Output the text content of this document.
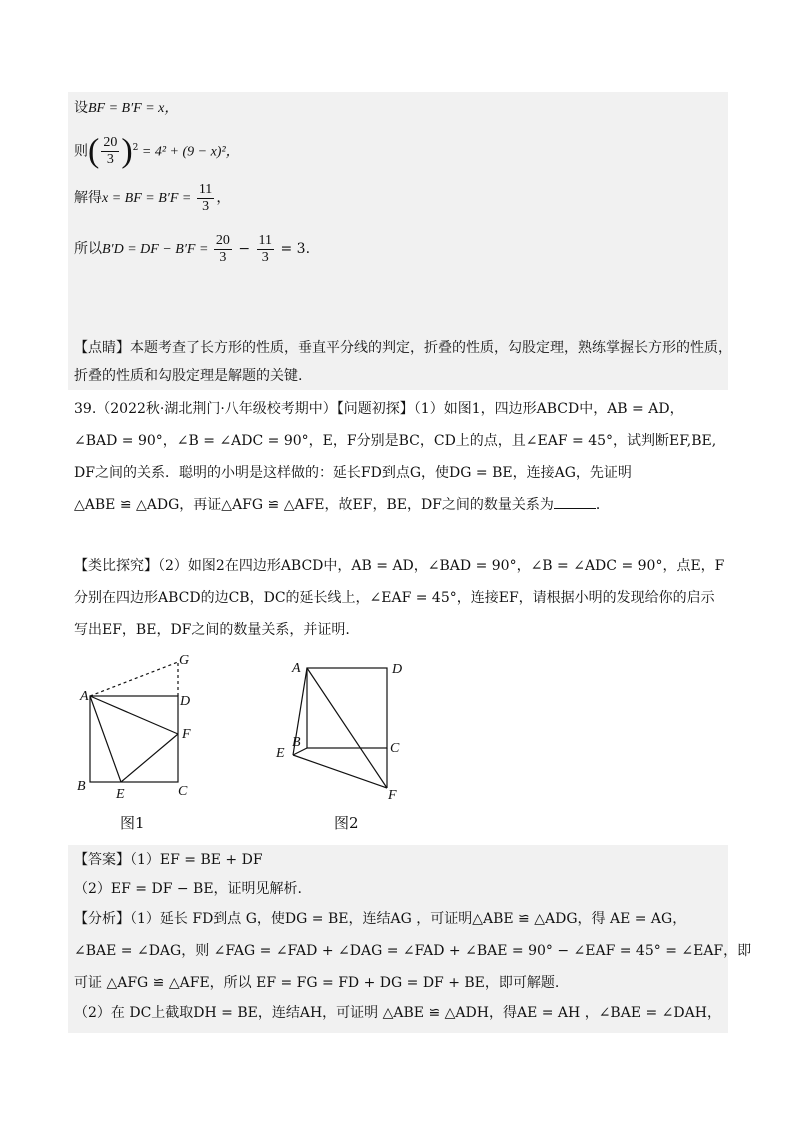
设BF = B′F = x，
则( $\frac{20}{3} )^2 = 4^2 + (9 - x)^2$，
解得x = BF = $B'F = \frac{11}{3}$ ，
所以B′D = DF − $B'F = \frac{20}{3} - \frac{11}{3} = 3$.
【点睛】本题考查了长方形的性质，垂直平分线的判定，折叠的性质，勾股定理，熟练掌握长方形的性质，
折叠的性质和勾股定理是解题的关键.
39.（2022秋·湖北荆门·八年级校考期中）【问题初探】（1）如图1，四边形ABCD中，AB = AD，
∠BAD = 90°，∠B = ∠ADC = 90°，E，F分别是BC，CD上的点，且∠EAF = 45°，试判断EF,BE,
DF之间的关系．聪明的小明是这样做的：延长FD到点G，使DG = BE，连接AG，先证明
△ABE ≌ △ADG，再证△AFG ≌ △AFE，故EF，BE，DF之间的数量关系为	．
【类比探究】（2）如图2在四边形ABCD中，AB = AD，∠BAD = 90°，∠B = ∠ADC = 90°，点E，F
分别在四边形ABCD的边CB，DC的延长线上，∠EAF = 45°，连接EF，请根据小明的发现给你的启示
写出EF，BE，DF之间的数量关系，并证明.
A
B	C
D
E
F
G
图1
A
B	C
D
E
F
图2
【答案】（1）EF = BE + DF
（2）EF = DF − BE，证明见解析.
【分析】（1）延长 FD到点 G，使DG = BE，连结AG ，可证明△ABE ≌ △ADG，得 AE = AG，
∠BAE = ∠DAG，则 ∠FAG = ∠FAD + ∠DAG = ∠FAD + ∠BAE = 90° − ∠EAF = 45° = ∠EAF，即
可证 △AFG ≌ △AFE，所以 EF = FG = FD + DG = DF + BE，即可解题.
（2）在 DC上截取DH = BE，连结AH，可证明 △ABE ≌ △ADH，得AE = AH ，∠BAE = ∠DAH，
